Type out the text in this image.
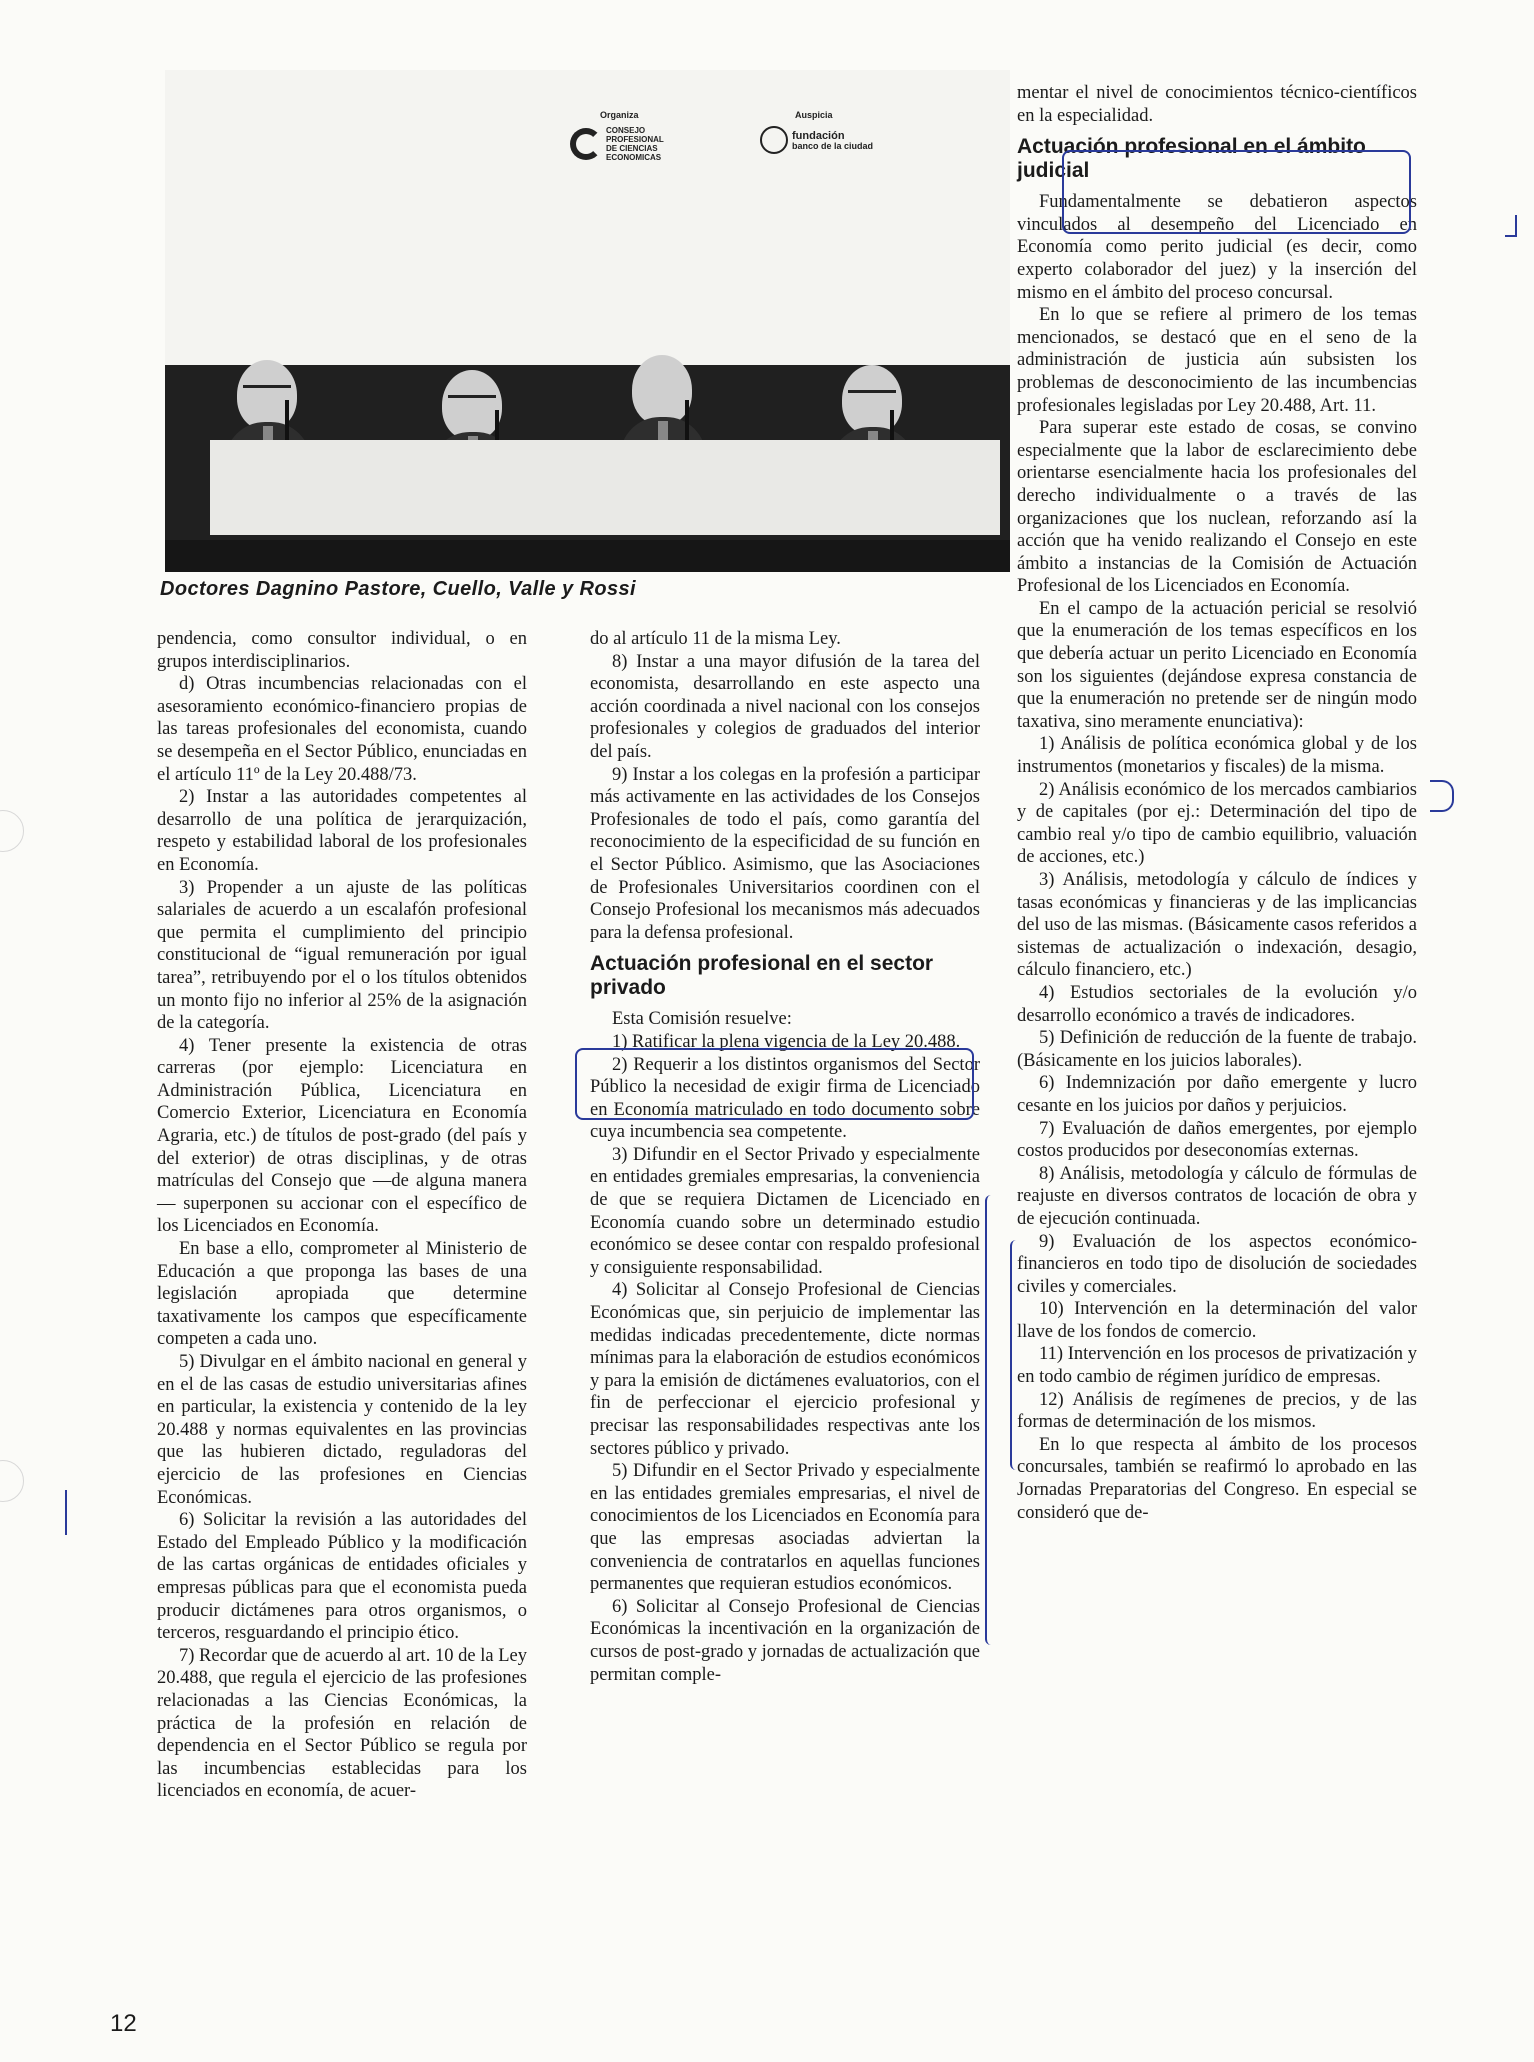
Organiza
CONSEJO
PROFESIONAL
DE CIENCIAS
ECONOMICAS
Auspicia
fundación
banco de la ciudad
Doctores Dagnino Pastore, Cuello, Valle y Rossi

pendencia, como consultor individual, o en grupos interdisciplinarios.

d) Otras incumbencias relacionadas con el asesoramiento económico-financiero propias de las tareas profesionales del economista, cuando se desempeña en el Sector Público, enunciadas en el artículo 11º de la Ley 20.488/73.

2) Instar a las autoridades competentes al desarrollo de una política de jerarquización, respeto y estabilidad laboral de los profesionales en Economía.

3) Propender a un ajuste de las políticas salariales de acuerdo a un escalafón profesional que permita el cumplimiento del principio constitucional de “igual remuneración por igual tarea”, retribuyendo por el o los títulos obtenidos un monto fijo no inferior al 25% de la asignación de la categoría.

4) Tener presente la existencia de otras carreras (por ejemplo: Licenciatura en Administración Pública, Licenciatura en Comercio Exterior, Licenciatura en Economía Agraria, etc.) de títulos de post-grado (del país y del exterior) de otras disciplinas, y de otras matrículas del Consejo que —de alguna manera— superponen su accionar con el específico de los Licenciados en Economía.

En base a ello, comprometer al Ministerio de Educación a que proponga las bases de una legislación apropiada que determine taxativamente los campos que específicamente competen a cada uno.

5) Divulgar en el ámbito nacional en general y en el de las casas de estudio universitarias afines en particular, la existencia y contenido de la ley 20.488 y normas equivalentes en las provincias que las hubieren dictado, reguladoras del ejercicio de las profesiones en Ciencias Económicas.

6) Solicitar la revisión a las autoridades del Estado del Empleado Público y la modificación de las cartas orgánicas de entidades oficiales y empresas públicas para que el economista pueda producir dictámenes para otros organismos, o terceros, resguardando el principio ético.

7) Recordar que de acuerdo al art. 10 de la Ley 20.488, que regula el ejercicio de las profesiones relacionadas a las Ciencias Económicas, la práctica de la profesión en relación de dependencia en el Sector Público se regula por las incumbencias establecidas para los licenciados en economía, de acuer-

do al artículo 11 de la misma Ley.

8) Instar a una mayor difusión de la tarea del economista, desarrollando en este aspecto una acción coordinada a nivel nacional con los consejos profesionales y colegios de graduados del interior del país.

9) Instar a los colegas en la profesión a participar más activamente en las actividades de los Consejos Profesionales de todo el país, como garantía del reconocimiento de la especificidad de su función en el Sector Público. Asimismo, que las Asociaciones de Profesionales Universitarios coordinen con el Consejo Profesional los mecanismos más adecuados para la defensa profesional.

Actuación profesional en el sector privado

Esta Comisión resuelve:

1) Ratificar la plena vigencia de la Ley 20.488.

2) Requerir a los distintos organismos del Sector Público la necesidad de exigir firma de Licenciado en Economía matriculado en todo documento sobre cuya incumbencia sea competente.

3) Difundir en el Sector Privado y especialmente en entidades gremiales empresarias, la conveniencia de que se requiera Dictamen de Licenciado en Economía cuando sobre un determinado estudio económico se desee contar con respaldo profesional y consiguiente responsabilidad.

4) Solicitar al Consejo Profesional de Ciencias Económicas que, sin perjuicio de implementar las medidas indicadas precedentemente, dicte normas mínimas para la elaboración de estudios económicos y para la emisión de dictámenes evaluatorios, con el fin de perfeccionar el ejercicio profesional y precisar las responsabilidades respectivas ante los sectores público y privado.

5) Difundir en el Sector Privado y especialmente en las entidades gremiales empresarias, el nivel de conocimientos de los Licenciados en Economía para que las empresas asociadas adviertan la conveniencia de contratarlos en aquellas funciones permanentes que requieran estudios económicos.

6) Solicitar al Consejo Profesional de Ciencias Económicas la incentivación en la organización de cursos de post-grado y jornadas de actualización que permitan comple-

mentar el nivel de conocimientos técnico-científicos en la especialidad.

Actuación profesional en el ámbito judicial

Fundamentalmente se debatieron aspectos vinculados al desempeño del Licenciado en Economía como perito judicial (es decir, como experto colaborador del juez) y la inserción del mismo en el ámbito del proceso concursal.

En lo que se refiere al primero de los temas mencionados, se destacó que en el seno de la administración de justicia aún subsisten los problemas de desconocimiento de las incumbencias profesionales legisladas por Ley 20.488, Art. 11.

Para superar este estado de cosas, se convino especialmente que la labor de esclarecimiento debe orientarse esencialmente hacia los profesionales del derecho individualmente o a través de las organizaciones que los nuclean, reforzando así la acción que ha venido realizando el Consejo en este ámbito a instancias de la Comisión de Actuación Profesional de los Licenciados en Economía.

En el campo de la actuación pericial se resolvió que la enumeración de los temas específicos en los que debería actuar un perito Licenciado en Economía son los siguientes (dejándose expresa constancia de que la enumeración no pretende ser de ningún modo taxativa, sino meramente enunciativa):

1) Análisis de política económica global y de los instrumentos (monetarios y fiscales) de la misma.

2) Análisis económico de los mercados cambiarios y de capitales (por ej.: Determinación del tipo de cambio real y/o tipo de cambio equilibrio, valuación de acciones, etc.)

3) Análisis, metodología y cálculo de índices y tasas económicas y financieras y de las implicancias del uso de las mismas. (Básicamente casos referidos a sistemas de actualización o indexación, desagio, cálculo financiero, etc.)

4) Estudios sectoriales de la evolución y/o desarrollo económico a través de indicadores.

5) Definición de reducción de la fuente de trabajo. (Básicamente en los juicios laborales).

6) Indemnización por daño emergente y lucro cesante en los juicios por daños y perjuicios.

7) Evaluación de daños emergentes, por ejemplo costos producidos por deseconomías externas.

8) Análisis, metodología y cálculo de fórmulas de reajuste en diversos contratos de locación de obra y de ejecución continuada.

9) Evaluación de los aspectos económico-financieros en todo tipo de disolución de sociedades civiles y comerciales.

10) Intervención en la determinación del valor llave de los fondos de comercio.

11) Intervención en los procesos de privatización y en todo cambio de régimen jurídico de empresas.

12) Análisis de regímenes de precios, y de las formas de determinación de los mismos.

En lo que respecta al ámbito de los procesos concursales, también se reafirmó lo aprobado en las Jornadas Preparatorias del Congreso. En especial se consideró que de-

12
